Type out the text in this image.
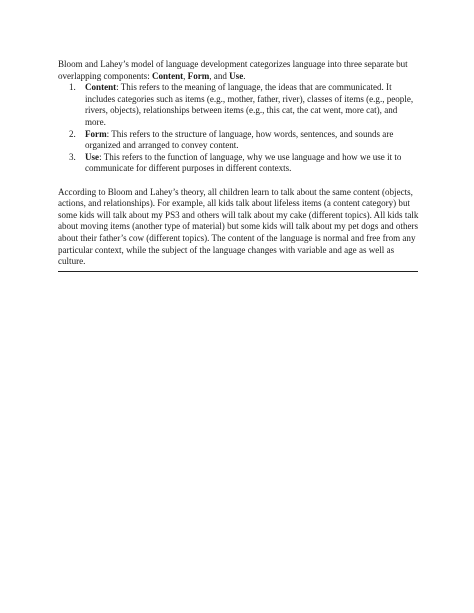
Bloom and Lahey’s model of language development categorizes language into three separate but overlapping components: Content, Form, and Use.

1. Content: This refers to the meaning of language, the ideas that are communicated. It includes categories such as items (e.g., mother, father, river), classes of items (e.g., people, rivers, objects), relationships between items (e.g., this cat, the cat went, more cat), and more.
2. Form: This refers to the structure of language, how words, sentences, and sounds are organized and arranged to convey content.
3. Use: This refers to the function of language, why we use language and how we use it to communicate for different purposes in different contexts.

According to Bloom and Lahey’s theory, all children learn to talk about the same content (objects, actions, and relationships). For example, all kids talk about lifeless items (a content category) but some kids will talk about my PS3 and others will talk about my cake (different topics). All kids talk about moving items (another type of material) but some kids will talk about my pet dogs and others about their father’s cow (different topics). The content of the language is normal and free from any particular context, while the subject of the language changes with variable and age as well as culture.
